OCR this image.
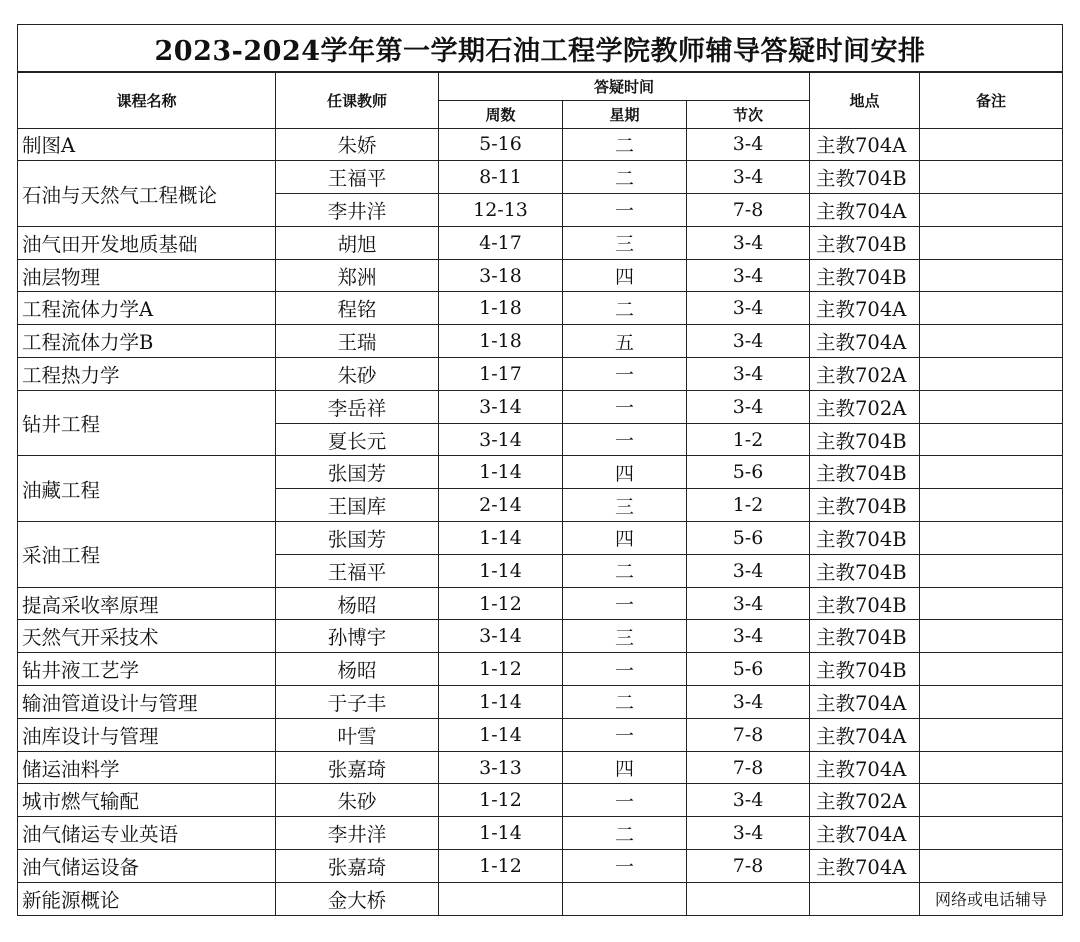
2023-2024学年第一学期石油工程学院教师辅导答疑时间安排						
课程名称	任课教师	答疑时间			地点	备注
		周数	星期	节次		
制图A	朱娇	5-16	二	3-4	主教704A	
石油与天然气工程概论	王福平	8-11	二	3-4	主教704B	
	李井洋	12-13	一	7-8	主教704A	
油气田开发地质基础	胡旭	4-17	三	3-4	主教704B	
油层物理	郑洲	3-18	四	3-4	主教704B	
工程流体力学A	程铭	1-18	二	3-4	主教704A	
工程流体力学B	王瑞	1-18	五	3-4	主教704A	
工程热力学	朱砂	1-17	一	3-4	主教702A	
钻井工程	李岳祥	3-14	一	3-4	主教702A	
	夏长元	3-14	一	1-2	主教704B	
油藏工程	张国芳	1-14	四	5-6	主教704B	
	王国库	2-14	三	1-2	主教704B	
采油工程	张国芳	1-14	四	5-6	主教704B	
	王福平	1-14	二	3-4	主教704B	
提高采收率原理	杨昭	1-12	一	3-4	主教704B	
天然气开采技术	孙博宇	3-14	三	3-4	主教704B	
钻井液工艺学	杨昭	1-12	一	5-6	主教704B	
输油管道设计与管理	于子丰	1-14	二	3-4	主教704A	
油库设计与管理	叶雪	1-14	一	7-8	主教704A	
储运油料学	张嘉琦	3-13	四	7-8	主教704A	
城市燃气输配	朱砂	1-12	一	3-4	主教702A	
油气储运专业英语	李井洋	1-14	二	3-4	主教704A	
油气储运设备	张嘉琦	1-12	一	7-8	主教704A	
新能源概论	金大桥					网络或电话辅导
